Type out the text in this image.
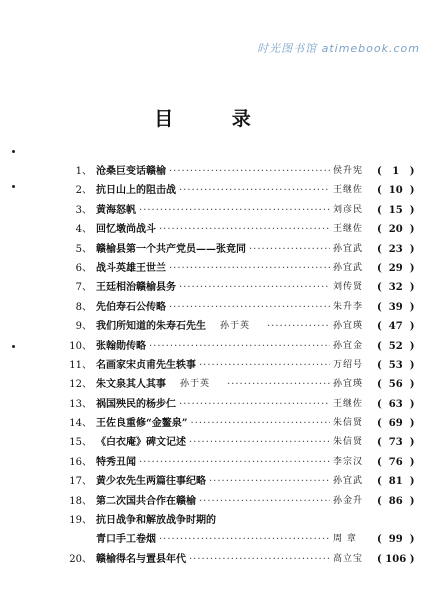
时光图书馆 atimebook.com
目 录
1、 沧桑巨变话赣榆 ·····	侯升宪	( 1 )
2、 抗日山上的阻击战 ·····	王继佐	( 10 )
3、 黄海怒帆 ·····	刘彦民	( 15 )
4、 回忆墩尚战斗 ·····	王继佐	( 20 )
5、 赣榆县第一个共产党员——张竞同 ·····	孙宜武	( 23 )
6、 战斗英雄王世兰 ·····	孙宜武	( 29 )
7、 王廷相治赣榆县务 ·····	刘传贤	( 32 )
8、 先伯寿石公传略 ·····	朱升李	( 39 )
9、 我们所知道的朱寿石先生 孙于英 ·····	孙宜瑛	( 47 )
10、 张翰勋传略 ·····	孙宜金	( 52 )
11、 名画家宋贞甫先生轶事 ·····	万绍号	( 53 )
12、 朱文泉其人其事 孙于英 ·····	孙宜瑛	( 56 )
13、 祸国殃民的杨步仁 ·····	王继佐	( 63 )
14、 王佐良重修“金鳌泉” ·····	朱信贤	( 69 )
15、 《白衣庵》碑文记述 ·····	朱信贤	( 73 )
16、 特秀丑闻 ·····	李宗汉	( 76 )
17、 黄少农先生两篇往事纪略 ·····	孙宜武	( 81 )
18、 第二次国共合作在赣榆 ·····	孙金升	( 86 )
19、 抗日战争和解放战争时期的
青口手工卷烟 ·····	周 章	( 99 )
20、 赣榆得名与置县年代 ·····	高立宝	( 106 )
